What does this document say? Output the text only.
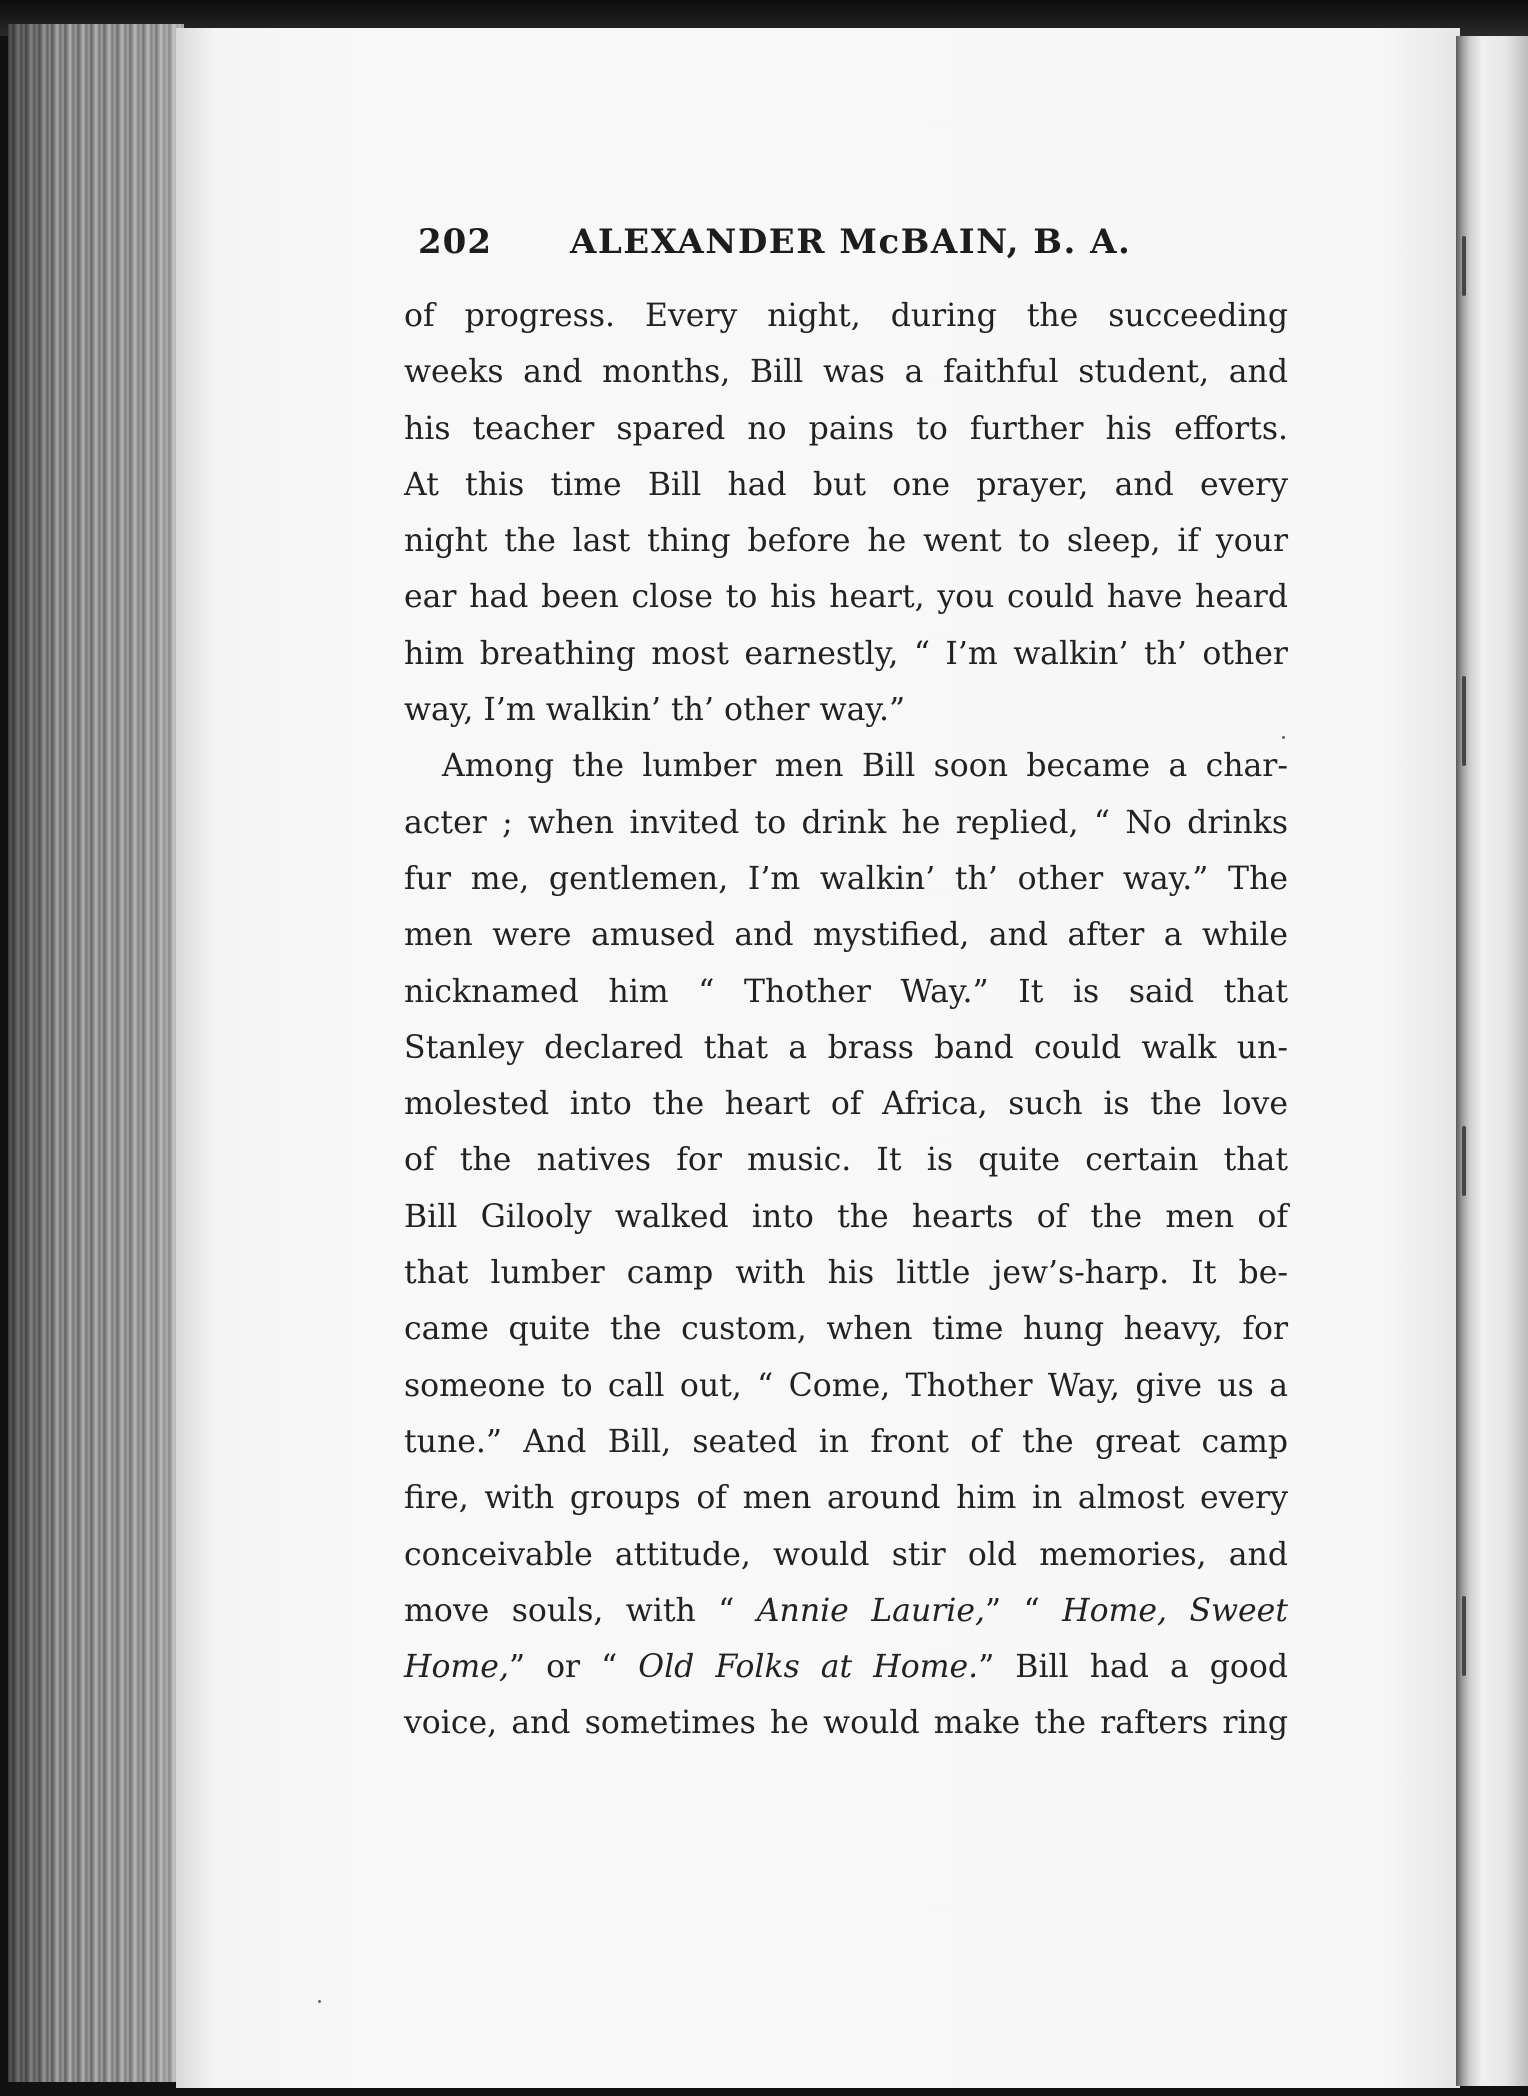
202 ALEXANDER McBAIN, B. A.
of progress. Every night, during the succeeding
weeks and months, Bill was a faithful student, and
his teacher spared no pains to further his efforts.
At this time Bill had but one prayer, and every
night the last thing before he went to sleep, if your
ear had been close to his heart, you could have heard
him breathing most earnestly, “ I’m walkin’ th’ other
way, I’m walkin’ th’ other way.”
Among the lumber men Bill soon became a char-
acter ; when invited to drink he replied, “ No drinks
fur me, gentlemen, I’m walkin’ th’ other way.” The
men were amused and mystified, and after a while
nicknamed him “ Thother Way.” It is said that
Stanley declared that a brass band could walk un-
molested into the heart of Africa, such is the love
of the natives for music. It is quite certain that
Bill Gilooly walked into the hearts of the men of
that lumber camp with his little jew’s-harp. It be-
came quite the custom, when time hung heavy, for
someone to call out, “ Come, Thother Way, give us a
tune.” And Bill, seated in front of the great camp
fire, with groups of men around him in almost every
conceivable attitude, would stir old memories, and
move souls, with “ Annie Laurie,” “ Home, Sweet
Home,” or “ Old Folks at Home.” Bill had a good
voice, and sometimes he would make the rafters ring
